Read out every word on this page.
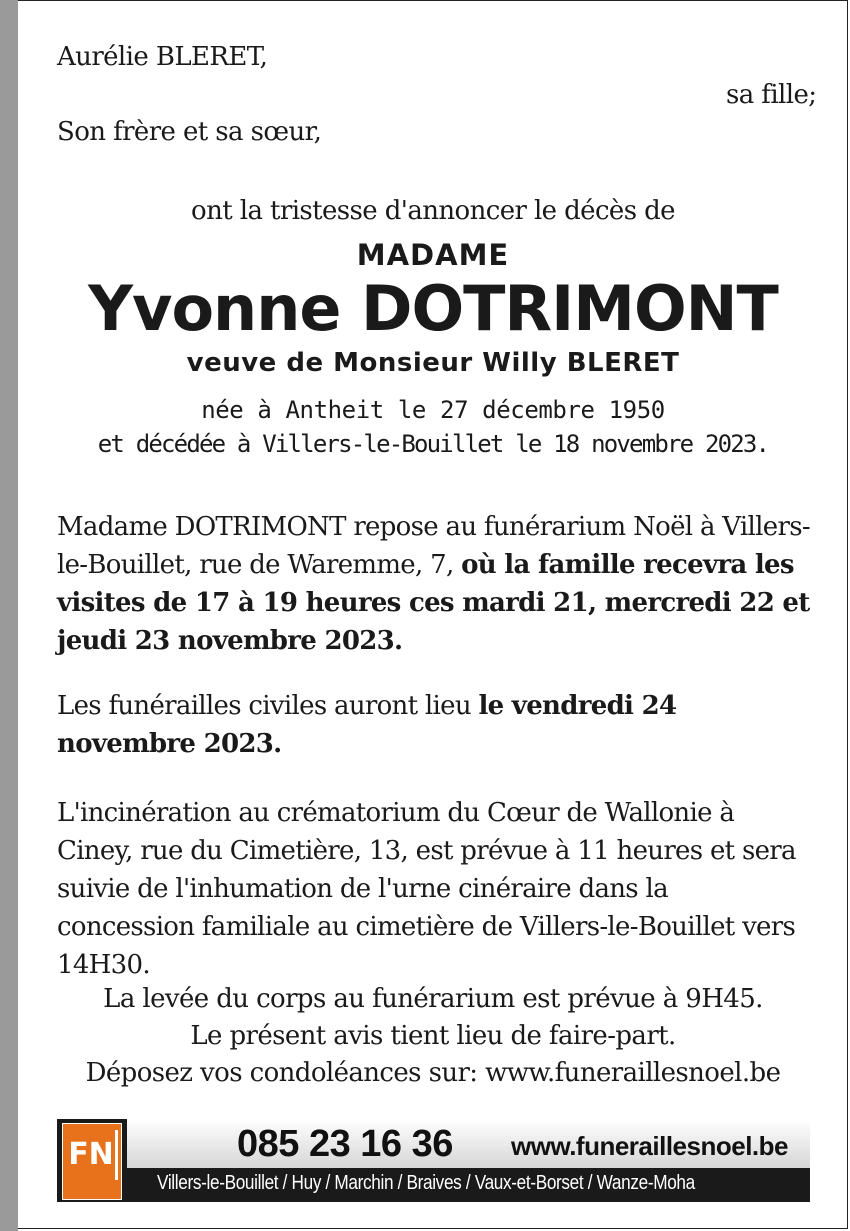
Aurélie BLERET,
sa fille;
Son frère et sa sœur,
ont la tristesse d'annoncer le décès de
MADAME
Yvonne DOTRIMONT
veuve de Monsieur Willy BLERET
née à Antheit le 27 décembre 1950
et décédée à Villers-le-Bouillet le 18 novembre 2023.
Madame DOTRIMONT repose au funérarium Noël à Villers-le-Bouillet, rue de Waremme, 7, où la famille recevra les visites de 17 à 19 heures ces mardi 21, mercredi 22 et jeudi 23 novembre 2023.
Les funérailles civiles auront lieu le vendredi 24 novembre 2023.
L'incinération au crématorium du Cœur de Wallonie à Ciney, rue du Cimetière, 13, est prévue à 11 heures et sera suivie de l'inhumation de l'urne cinéraire dans la concession familiale au cimetière de Villers-le-Bouillet vers 14H30.
La levée du corps au funérarium est prévue à 9H45.
Le présent avis tient lieu de faire-part.
Déposez vos condoléances sur: www.funeraillesnoel.be
085 23 16 36 www.funeraillesnoel.be
FN
Villers-le-Bouillet / Huy / Marchin / Braives / Vaux-et-Borset / Wanze-Moha
